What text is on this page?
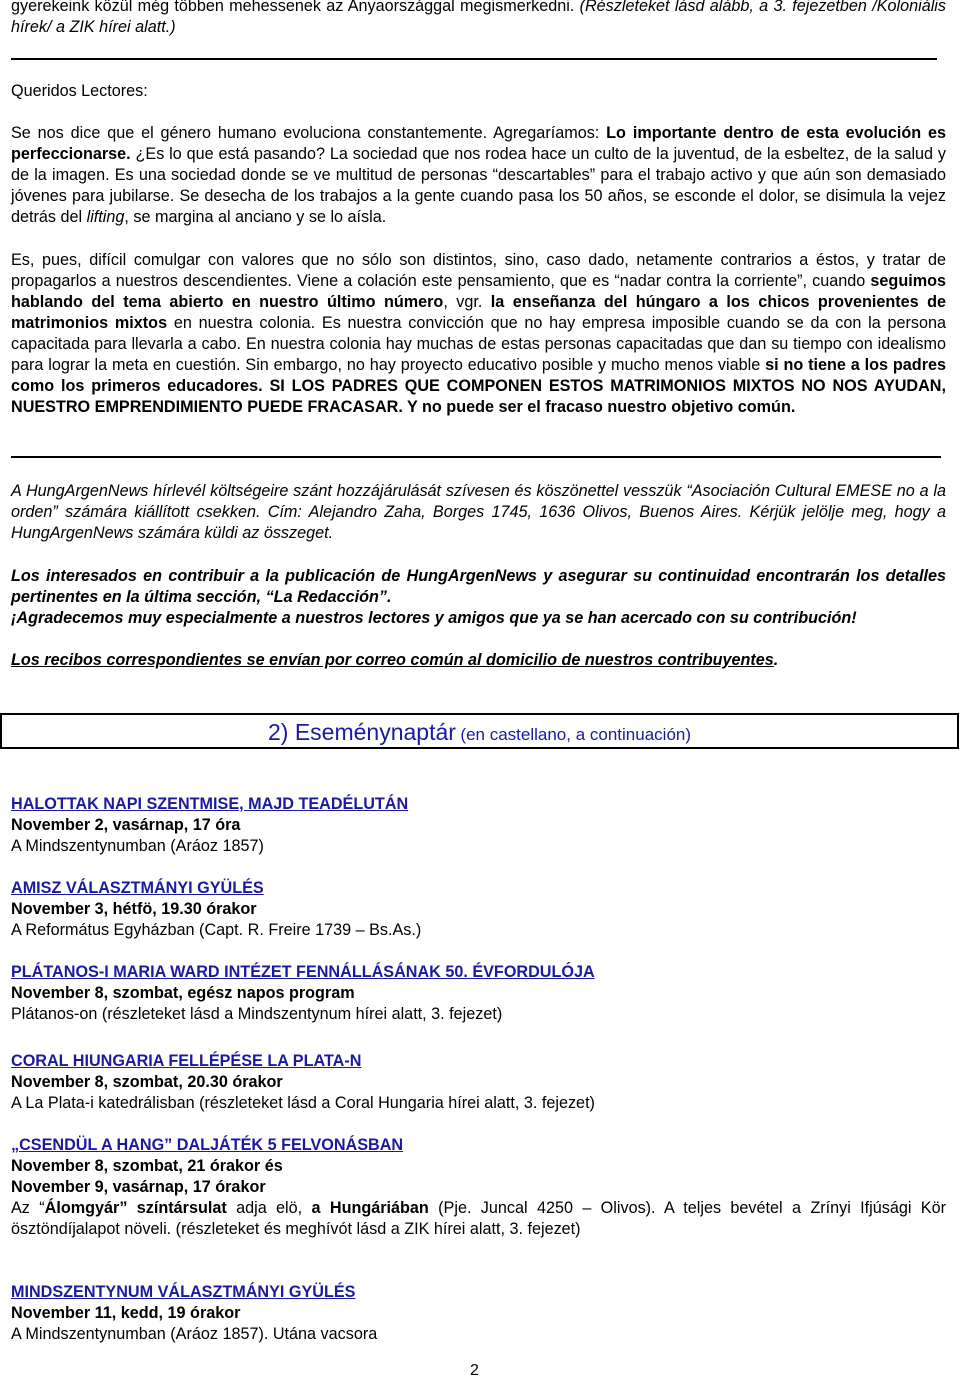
gyerekeink közül még többen mehessenek az Anyaországgal megismerkedni. (Részleteket lásd alább, a 3. fejezetben /Koloniális hírek/ a ZIK hírei alatt.)
Queridos Lectores:
Se nos dice que el género humano evoluciona constantemente. Agregaríamos: Lo importante dentro de esta evolución es perfeccionarse. ¿Es lo que está pasando? La sociedad que nos rodea hace un culto de la juventud, de la esbeltez, de la salud y de la imagen. Es una sociedad donde se ve multitud de personas “descartables” para el trabajo activo y que aún son demasiado jóvenes para jubilarse. Se desecha de los trabajos a la gente cuando pasa los 50 años, se esconde el dolor, se disimula la vejez detrás del lifting, se margina al anciano y se lo aísla.
Es, pues, difícil comulgar con valores que no sólo son distintos, sino, caso dado, netamente contrarios a éstos, y tratar de propagarlos a nuestros descendientes. Viene a colación este pensamiento, que es “nadar contra la corriente”, cuando seguimos hablando del tema abierto en nuestro último número, vgr. la enseñanza del húngaro a los chicos provenientes de matrimonios mixtos en nuestra colonia. Es nuestra convicción que no hay empresa imposible cuando se da con la persona capacitada para llevarla a cabo. En nuestra colonia hay muchas de estas personas capacitadas que dan su tiempo con idealismo para lograr la meta en cuestión. Sin embargo, no hay proyecto educativo posible y mucho menos viable si no tiene a los padres como los primeros educadores. SI LOS PADRES QUE COMPONEN ESTOS MATRIMONIOS MIXTOS NO NOS AYUDAN, NUESTRO EMPRENDIMIENTO PUEDE FRACASAR. Y no puede ser el fracaso nuestro objetivo común.
A HungArgenNews hírlevél költségeire szánt hozzájárulását szívesen és köszönettel vesszük “Asociación Cultural EMESE no a la orden” számára kiállított csekken. Cím: Alejandro Zaha, Borges 1745, 1636 Olivos, Buenos Aires. Kérjük jelölje meg, hogy a HungArgenNews számára küldi az összeget.
Los interesados en contribuir a la publicación de HungArgenNews y asegurar su continuidad encontrarán los detalles pertinentes en la última sección, “La Redacción”.
¡Agradecemos muy especialmente a nuestros lectores y amigos que ya se han acercado con su contribución!
Los recibos correspondientes se envían por correo común al domicilio de nuestros contribuyentes.
2) Eseménynaptár (en castellano, a continuación)
HALOTTAK NAPI SZENTMISE, MAJD TEADÉLUTÁN
November 2, vasárnap, 17 óra
A Mindszentynumban (Aráoz 1857)
AMISZ VÁLASZTMÁNYI GYÜLÉS
November 3, hétfö, 19.30 órakor
A Református Egyházban (Capt. R. Freire 1739 – Bs.As.)
PLÁTANOS-I MARIA WARD INTÉZET FENNÁLLÁSÁNAK 50. ÉVFORDULÓJA
November 8, szombat, egész napos program
Plátanos-on (részleteket lásd a Mindszentynum hírei alatt, 3. fejezet)
CORAL HIUNGARIA FELLÉPÉSE LA PLATA-N
November 8, szombat, 20.30 órakor
A La Plata-i katedrálisban (részleteket lásd a Coral Hungaria hírei alatt, 3. fejezet)
„CSENDÜL A HANG” DALJÁTÉK 5 FELVONÁSBAN
November 8, szombat, 21 órakor és
November 9, vasárnap, 17 órakor
Az “Álomgyár” színtársulat adja elö, a Hungáriában (Pje. Juncal 4250 – Olivos). A teljes bevétel a Zrínyi Ifjúsági Kör ösztöndíjalapot növeli. (részleteket és meghívót lásd a ZIK hírei alatt, 3. fejezet)
MINDSZENTYNUM VÁLASZTMÁNYI GYÜLÉS
November 11, kedd, 19 órakor
A Mindszentynumban (Aráoz 1857). Utána vacsora
2
